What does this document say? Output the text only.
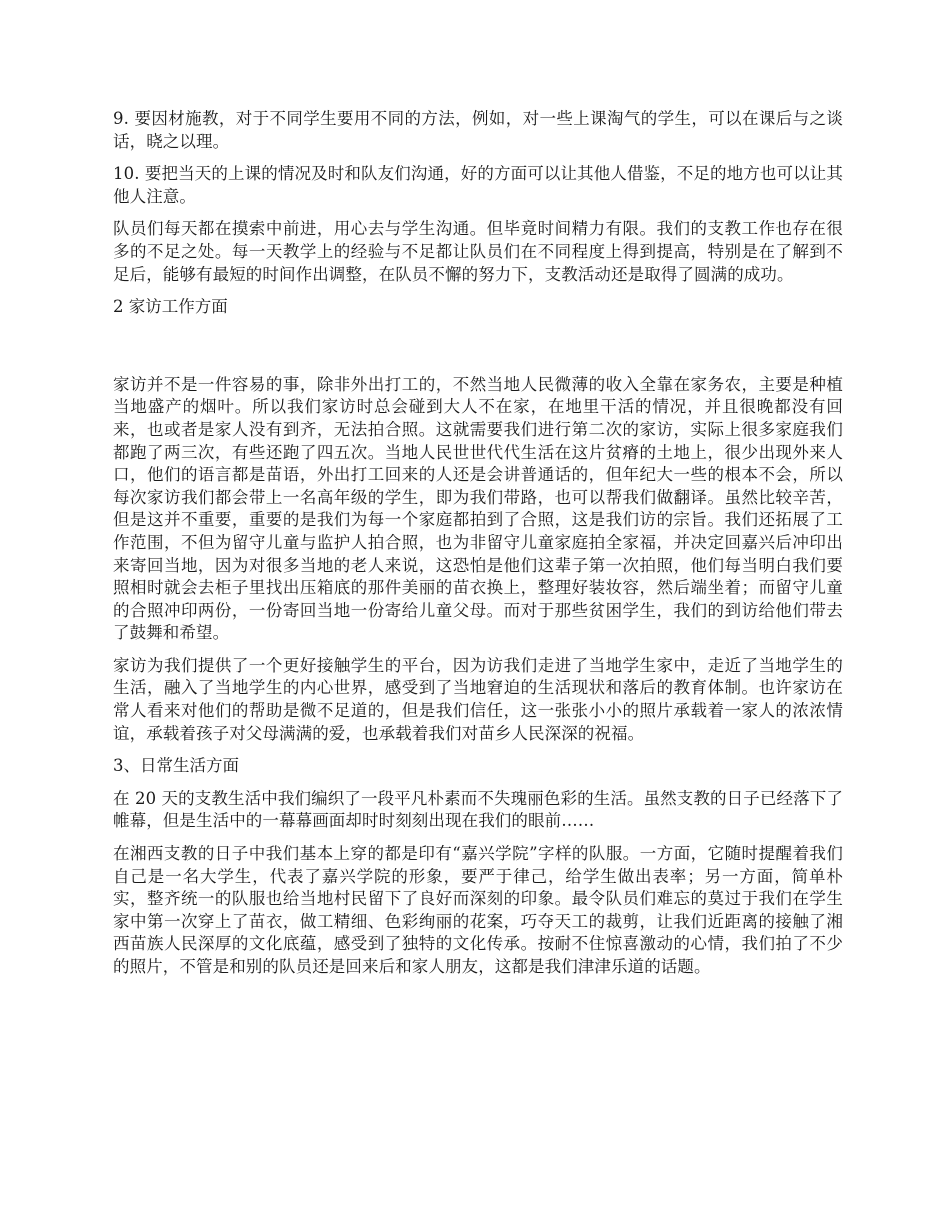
9. 要因材施教，对于不同学生要用不同的方法，例如，对一些上课淘气的学生，可以在课后与之谈话，晓之以理。

10. 要把当天的上课的情况及时和队友们沟通，好的方面可以让其他人借鉴，不足的地方也可以让其他人注意。

队员们每天都在摸索中前进，用心去与学生沟通。但毕竟时间精力有限。我们的支教工作也存在很多的不足之处。每一天教学上的经验与不足都让队员们在不同程度上得到提高，特别是在了解到不足后，能够有最短的时间作出调整，在队员不懈的努力下，支教活动还是取得了圆满的成功。

2 家访工作方面

家访并不是一件容易的事，除非外出打工的，不然当地人民微薄的收入全靠在家务农，主要是种植当地盛产的烟叶。所以我们家访时总会碰到大人不在家，在地里干活的情况，并且很晚都没有回来，也或者是家人没有到齐，无法拍合照。这就需要我们进行第二次的家访，实际上很多家庭我们都跑了两三次，有些还跑了四五次。当地人民世世代代生活在这片贫瘠的土地上，很少出现外来人口，他们的语言都是苗语，外出打工回来的人还是会讲普通话的，但年纪大一些的根本不会，所以每次家访我们都会带上一名高年级的学生，即为我们带路，也可以帮我们做翻译。虽然比较辛苦，但是这并不重要，重要的是我们为每一个家庭都拍到了合照，这是我们访的宗旨。我们还拓展了工作范围，不但为留守儿童与监护人拍合照，也为非留守儿童家庭拍全家福，并决定回嘉兴后冲印出来寄回当地，因为对很多当地的老人来说，这恐怕是他们这辈子第一次拍照，他们每当明白我们要照相时就会去柜子里找出压箱底的那件美丽的苗衣换上，整理好装妆容，然后端坐着；而留守儿童的合照冲印两份，一份寄回当地一份寄给儿童父母。而对于那些贫困学生，我们的到访给他们带去了鼓舞和希望。

家访为我们提供了一个更好接触学生的平台，因为访我们走进了当地学生家中，走近了当地学生的生活，融入了当地学生的内心世界，感受到了当地窘迫的生活现状和落后的教育体制。也许家访在常人看来对他们的帮助是微不足道的，但是我们信任，这一张张小小的照片承载着一家人的浓浓情谊，承载着孩子对父母满满的爱，也承载着我们对苗乡人民深深的祝福。

3、日常生活方面

在 20 天的支教生活中我们编织了一段平凡朴素而不失瑰丽色彩的生活。虽然支教的日子已经落下了帷幕，但是生活中的一幕幕画面却时时刻刻出现在我们的眼前……

在湘西支教的日子中我们基本上穿的都是印有“嘉兴学院”字样的队服。一方面，它随时提醒着我们自己是一名大学生，代表了嘉兴学院的形象，要严于律己，给学生做出表率；另一方面，简单朴实，整齐统一的队服也给当地村民留下了良好而深刻的印象。最令队员们难忘的莫过于我们在学生家中第一次穿上了苗衣，做工精细、色彩绚丽的花案，巧夺天工的裁剪，让我们近距离的接触了湘西苗族人民深厚的文化底蕴，感受到了独特的文化传承。按耐不住惊喜激动的心情，我们拍了不少的照片，不管是和别的队员还是回来后和家人朋友，这都是我们津津乐道的话题。
